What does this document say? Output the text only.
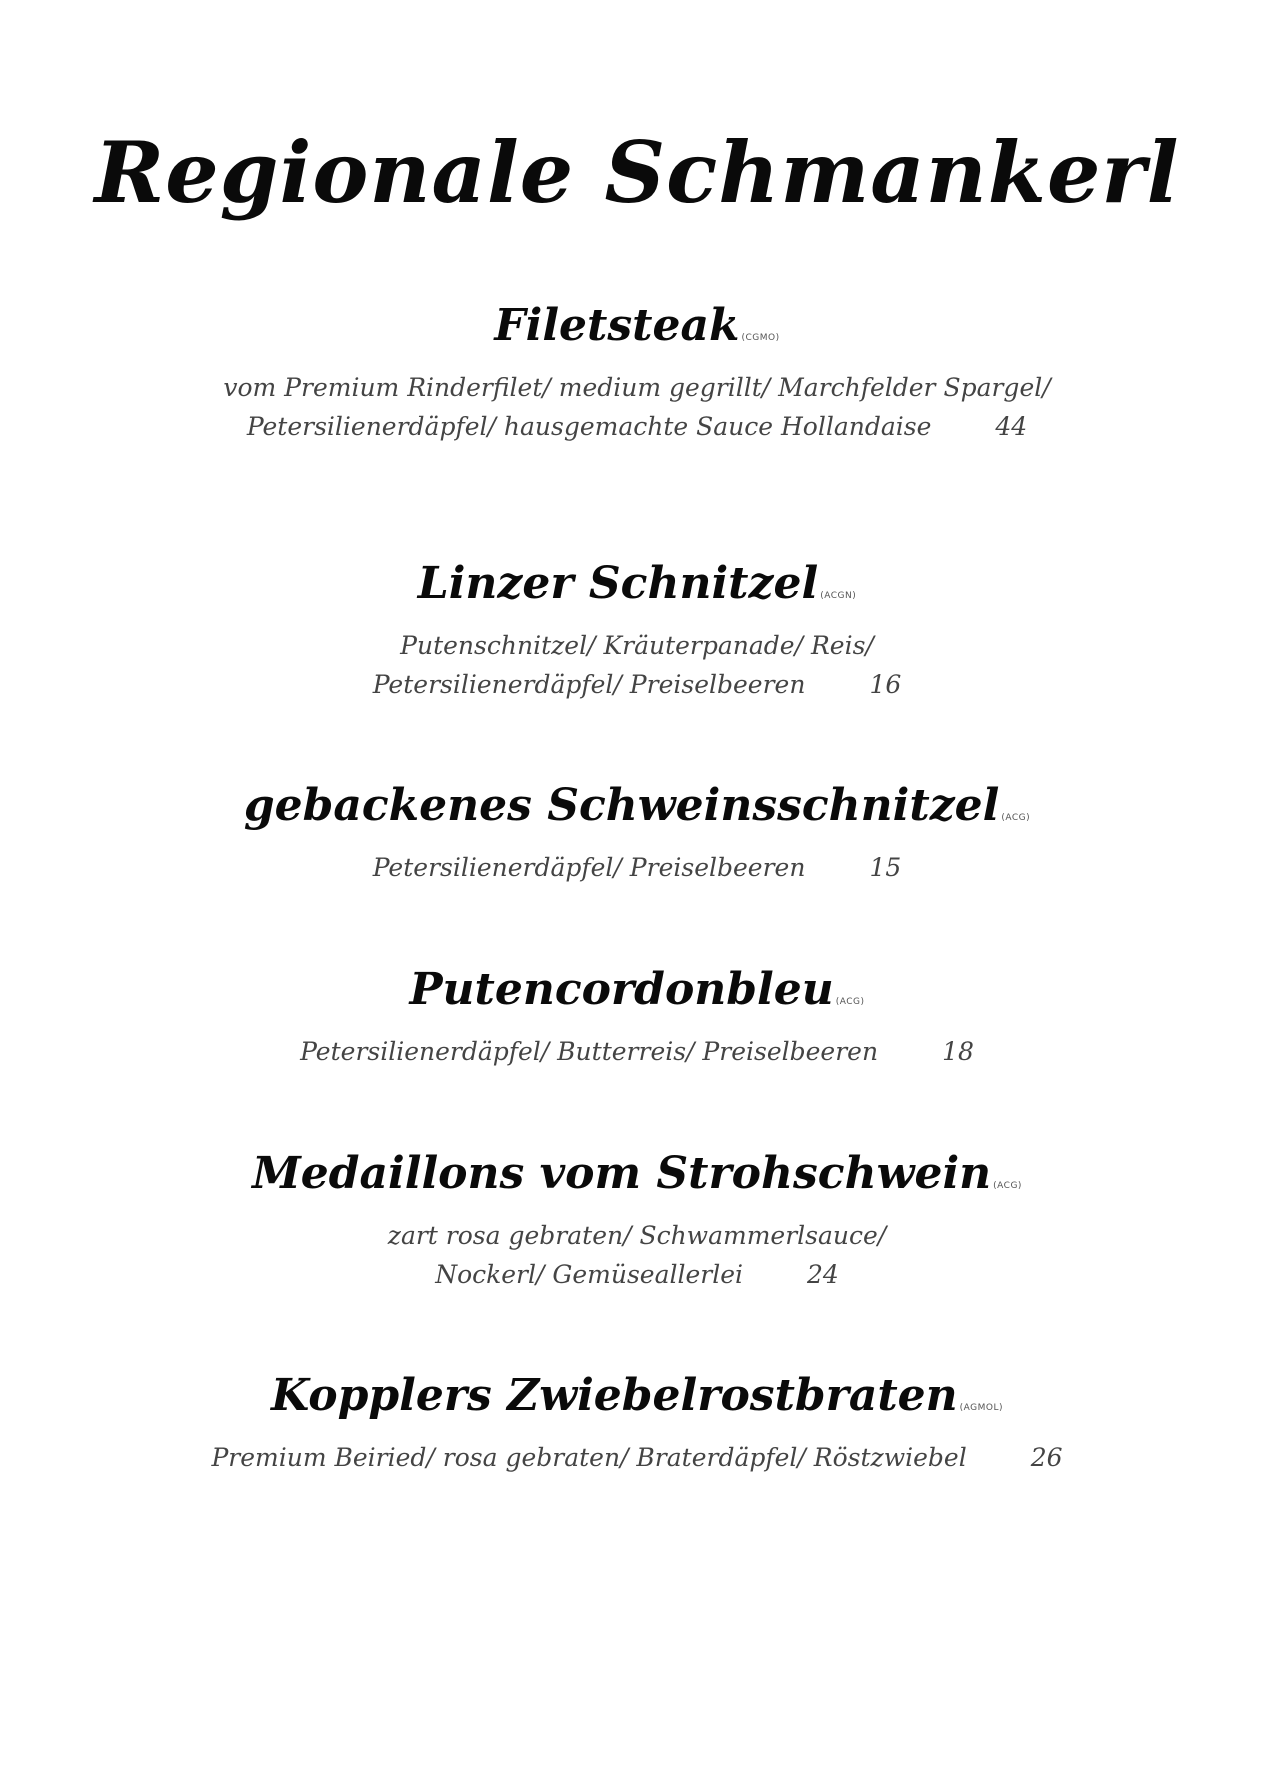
Regionale Schmankerl
Filetsteak (CGMO)
vom Premium Rinderfilet/ medium gegrillt/ Marchfelder Spargel/
Petersilienerdäpfel/ hausgemachte Sauce Hollandaise	44
Linzer Schnitzel (ACGN)
Putenschnitzel/ Kräuterpanade/ Reis/
Petersilienerdäpfel/ Preiselbeeren	16
gebackenes Schweinsschnitzel (ACG)
Petersilienerdäpfel/ Preiselbeeren	15
Putencordonbleu (ACG)
Petersilienerdäpfel/ Butterreis/ Preiselbeeren	18
Medaillons vom Strohschwein (ACG)
zart rosa gebraten/ Schwammerlsauce/
Nockerl/ Gemüseallerlei	24
Kopplers Zwiebelrostbraten (AGMOL)
Premium Beiried/ rosa gebraten/ Braterdäpfel/ Röstzwiebel	26
